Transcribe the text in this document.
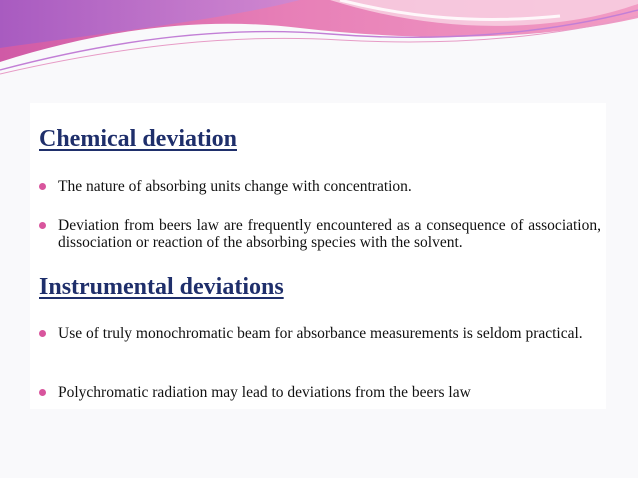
Chemical deviation
The nature of absorbing units change with concentration.
Deviation from beers law are frequently encountered as a consequence of association, dissociation or reaction of the absorbing species with the solvent.
Instrumental deviations
Use of truly monochromatic beam for absorbance measurements is seldom practical.
Polychromatic radiation may lead to deviations from the beers law
